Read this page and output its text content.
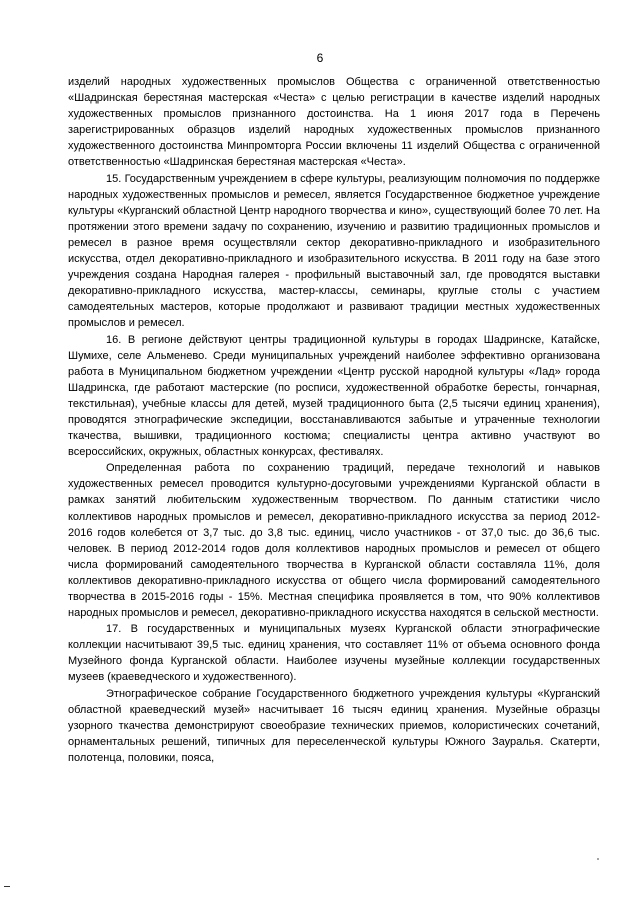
6

изделий народных художественных промыслов Общества с ограниченной ответственностью «Шадринская берестяная мастерская «Честа» с целью регистрации в качестве изделий народных художественных промыслов признанного достоинства. На 1 июня 2017 года в Перечень зарегистрированных образцов изделий народных художественных промыслов признанного художественного достоинства Минпромторга России включены 11 изделий Общества с ограниченной ответственностью «Шадринская берестяная мастерская «Честа».

15. Государственным учреждением в сфере культуры, реализующим полномочия по поддержке народных художественных промыслов и ремесел, является Государственное бюджетное учреждение культуры «Курганский областной Центр народного творчества и кино», существующий более 70 лет. На протяжении этого времени задачу по сохранению, изучению и развитию традиционных промыслов и ремесел в разное время осуществляли сектор декоративно-прикладного и изобразительного искусства, отдел декоративно-прикладного и изобразительного искусства. В 2011 году на базе этого учреждения создана Народная галерея - профильный выставочный зал, где проводятся выставки декоративно-прикладного искусства, мастер-классы, семинары, круглые столы с участием самодеятельных мастеров, которые продолжают и развивают традиции местных художественных промыслов и ремесел.

16. В регионе действуют центры традиционной культуры в городах Шадринске, Катайске, Шумихе, селе Альменево. Среди муниципальных учреждений наиболее эффективно организована работа в Муниципальном бюджетном учреждении «Центр русской народной культуры «Лад» города Шадринска, где работают мастерские (по росписи, художественной обработке бересты, гончарная, текстильная), учебные классы для детей, музей традиционного быта (2,5 тысячи единиц хранения), проводятся этнографические экспедиции, восстанавливаются забытые и утраченные технологии ткачества, вышивки, традиционного костюма; специалисты центра активно участвуют во всероссийских, окружных, областных конкурсах, фестивалях.

Определенная работа по сохранению традиций, передаче технологий и навыков художественных ремесел проводится культурно-досуговыми учреждениями Курганской области в рамках занятий любительским художественным творчеством. По данным статистики число коллективов народных промыслов и ремесел, декоративно-прикладного искусства за период 2012-2016 годов колебется от 3,7 тыс. до 3,8 тыс. единиц, число участников - от 37,0 тыс. до 36,6 тыс. человек. В период 2012-2014 годов доля коллективов народных промыслов и ремесел от общего числа формирований самодеятельного творчества в Курганской области составляла 11%, доля коллективов декоративно-прикладного искусства от общего числа формирований самодеятельного творчества в 2015-2016 годы - 15%. Местная специфика проявляется в том, что 90% коллективов народных промыслов и ремесел, декоративно-прикладного искусства находятся в сельской местности.

17. В государственных и муниципальных музеях Курганской области этнографические коллекции насчитывают 39,5 тыс. единиц хранения, что составляет 11% от объема основного фонда Музейного фонда Курганской области. Наиболее изучены музейные коллекции государственных музеев (краеведческого и художественного).

Этнографическое собрание Государственного бюджетного учреждения культуры «Курганский областной краеведческий музей» насчитывает 16 тысяч единиц хранения. Музейные образцы узорного ткачества демонстрируют своеобразие технических приемов, колористических сочетаний, орнаментальных решений, типичных для переселенческой культуры Южного Зауралья. Скатерти, полотенца, половики, пояса,
